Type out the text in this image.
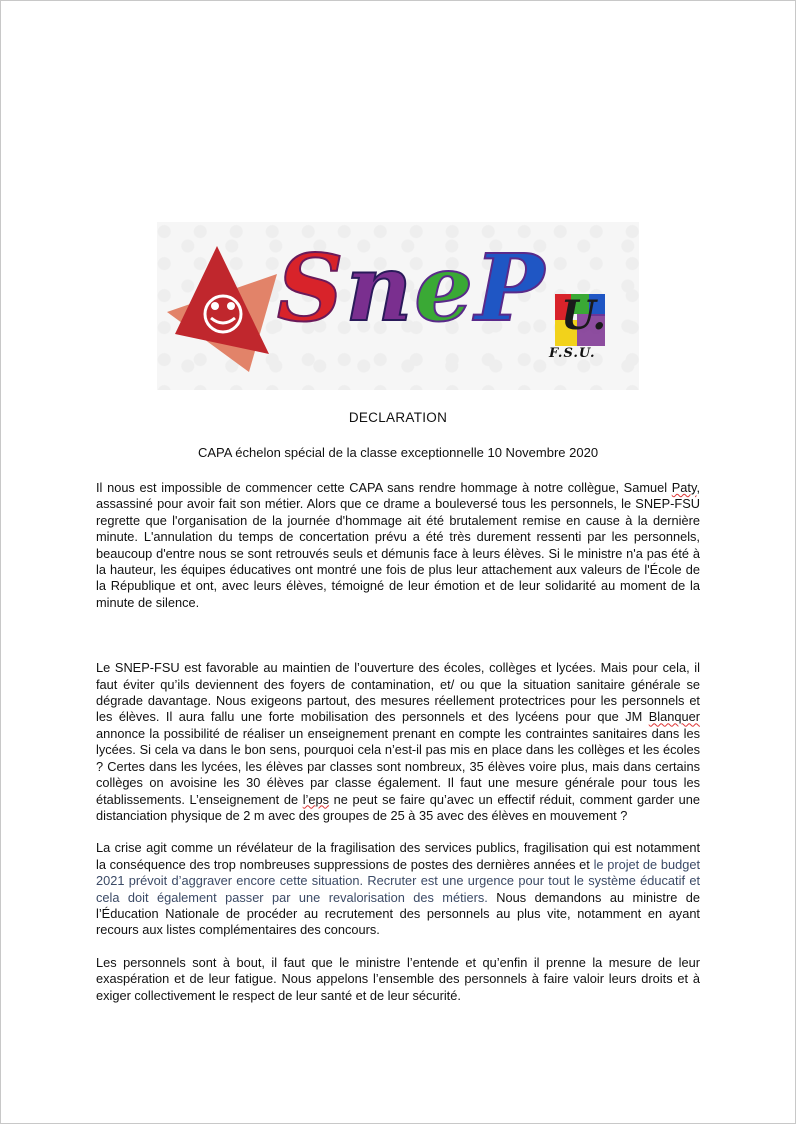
SneP U.
F.S.U.
DECLARATION
CAPA échelon spécial de la classe exceptionnelle 10 Novembre 2020

Il nous est impossible de commencer cette CAPA sans rendre hommage à notre collègue, Samuel Paty, assassiné pour avoir fait son métier. Alors que ce drame a bouleversé tous les personnels, le SNEP-FSU regrette que l'organisation de la journée d'hommage ait été brutalement remise en cause à la dernière minute. L'annulation du temps de concertation prévu a été très durement ressenti par les personnels, beaucoup d'entre nous se sont retrouvés seuls et démunis face à leurs élèves. Si le ministre n'a pas été à la hauteur, les équipes éducatives ont montré une fois de plus leur attachement aux valeurs de l'École de la République et ont, avec leurs élèves, témoigné de leur émotion et de leur solidarité au moment de la minute de silence.

Le SNEP-FSU est favorable au maintien de l’ouverture des écoles, collèges et lycées. Mais pour cela, il faut éviter qu’ils deviennent des foyers de contamination, et/ ou que la situation sanitaire générale se dégrade davantage. Nous exigeons partout, des mesures réellement protectrices pour les personnels et les élèves. Il aura fallu une forte mobilisation des personnels et des lycéens pour que JM Blanquer annonce la possibilité de réaliser un enseignement prenant en compte les contraintes sanitaires dans les lycées. Si cela va dans le bon sens, pourquoi cela n’est-il pas mis en place dans les collèges et les écoles ? Certes dans les lycées, les élèves par classes sont nombreux, 35 élèves voire plus, mais dans certains collèges on avoisine les 30 élèves par classe également. Il faut une mesure générale pour tous les établissements. L’enseignement de l’eps ne peut se faire qu’avec un effectif réduit, comment garder une distanciation physique de 2 m avec des groupes de 25 à 35 avec des élèves en mouvement ?

La crise agit comme un révélateur de la fragilisation des services publics, fragilisation qui est notamment la conséquence des trop nombreuses suppressions de postes des dernières années et le projet de budget 2021 prévoit d’aggraver encore cette situation. Recruter est une urgence pour tout le système éducatif et cela doit également passer par une revalorisation des métiers. Nous demandons au ministre de l’Éducation Nationale de procéder au recrutement des personnels au plus vite, notamment en ayant recours aux listes complémentaires des concours.

Les personnels sont à bout, il faut que le ministre l’entende et qu’enfin il prenne la mesure de leur exaspération et de leur fatigue. Nous appelons l’ensemble des personnels à faire valoir leurs droits et à exiger collectivement le respect de leur santé et de leur sécurité.
